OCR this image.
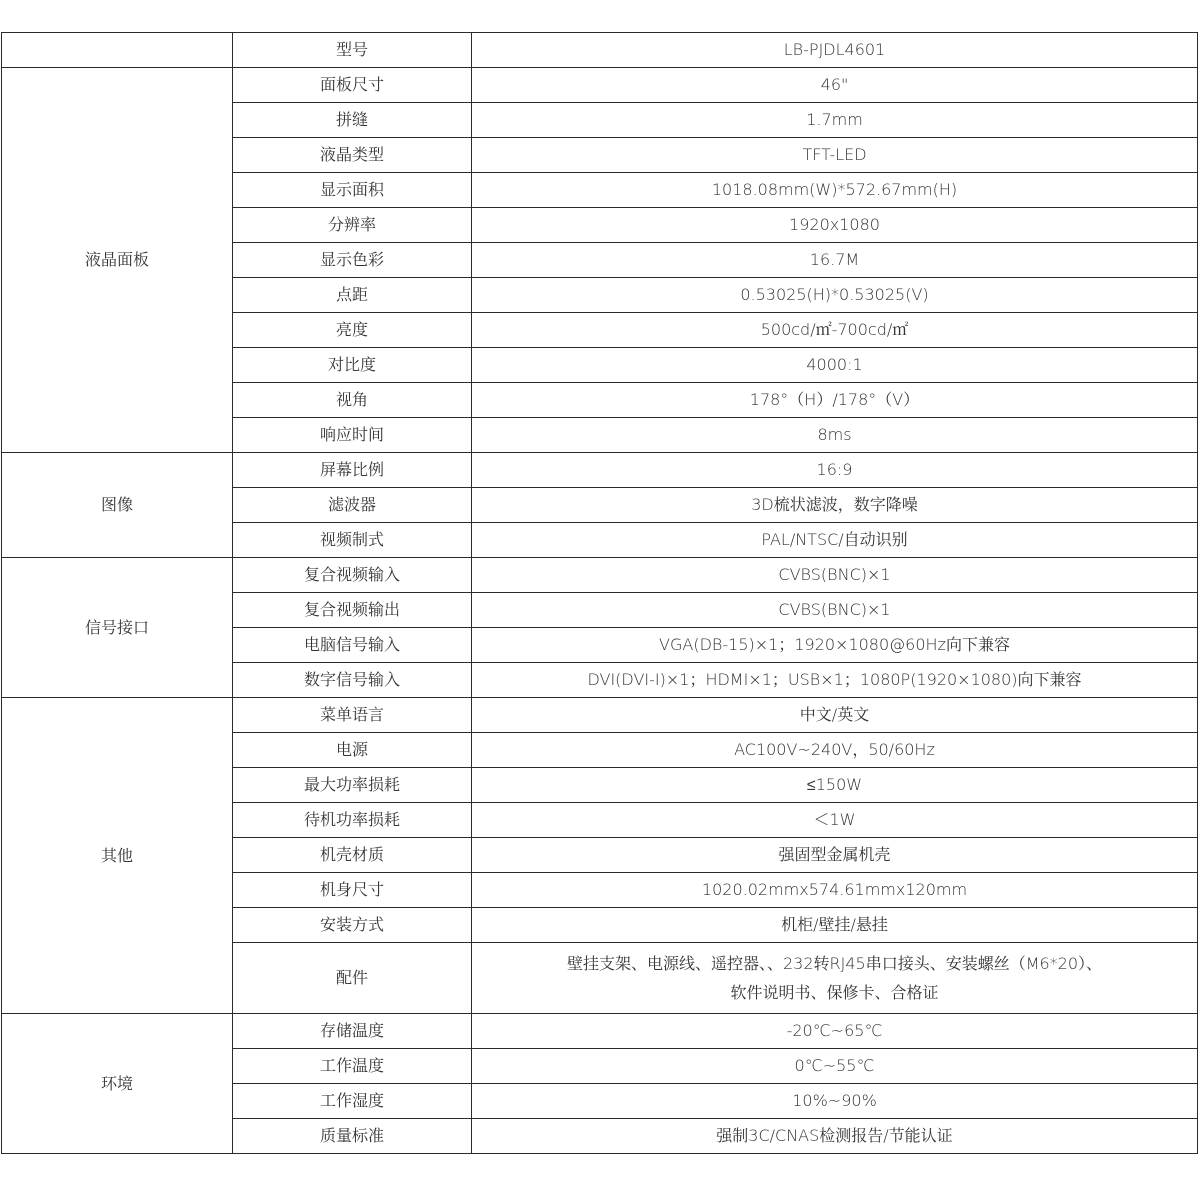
	型号	LB-PJDL4601
液晶面板	面板尺寸	46"
	拼缝	1.7mm
	液晶类型	TFT-LED
	显示面积	1018.08mm(W)*572.67mm(H)
	分辨率	1920x1080
	显示色彩	16.7M
	点距	0.53025(H)*0.53025(V)
	亮度	500cd/㎡-700cd/㎡
	对比度	4000:1
	视角	178°（H）/178°（V）
	响应时间	8ms
图像	屏幕比例	16:9
	滤波器	3D梳状滤波，数字降噪
	视频制式	PAL/NTSC/自动识别
信号接口	复合视频输入	CVBS(BNC)×1
	复合视频输出	CVBS(BNC)×1
	电脑信号输入	VGA(DB-15)×1；1920×1080@60Hz向下兼容
	数字信号输入	DVI(DVI-I)×1；HDMI×1；USB×1；1080P(1920×1080)向下兼容
其他	菜单语言	中文/英文
	电源	AC100V~240V，50/60Hz
	最大功率损耗	≤150W
	待机功率损耗	＜1W
	机壳材质	强固型金属机壳
	机身尺寸	1020.02mmx574.61mmx120mm
	安装方式	机柜/壁挂/悬挂
	配件	壁挂支架、电源线、遥控器、、232转RJ45串口接头、安装螺丝（M6*20）、
软件说明书、保修卡、合格证
环境	存储温度	-20℃~65℃
	工作温度	0℃~55℃
	工作湿度	10%~90%
	质量标准	强制3C/CNAS检测报告/节能认证
